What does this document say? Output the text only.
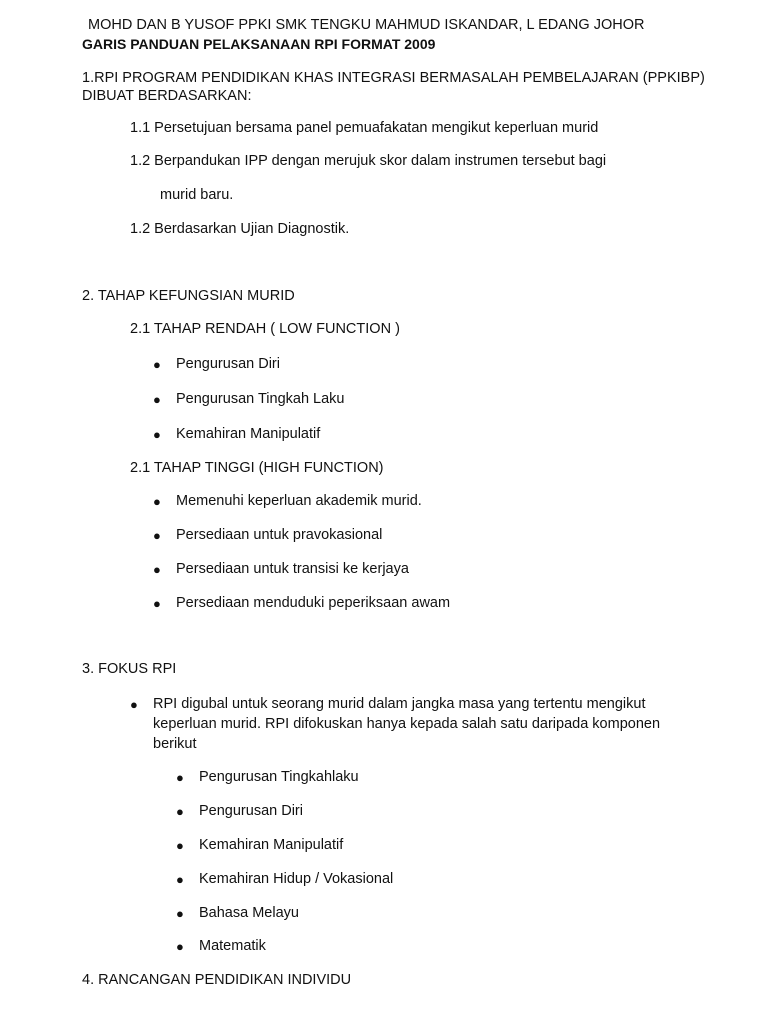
MOHD DAN B YUSOF PPKI SMK TENGKU MAHMUD ISKANDAR, L EDANG JOHOR
GARIS PANDUAN PELAKSANAAN RPI FORMAT 2009
1.RPI PROGRAM PENDIDIKAN KHAS INTEGRASI BERMASALAH PEMBELAJARAN (PPKIBP)
DIBUAT BERDASARKAN:
1.1 Persetujuan bersama panel pemuafakatan mengikut keperluan murid
1.2 Berpandukan IPP dengan merujuk skor dalam instrumen tersebut bagi
murid baru.
1.2 Berdasarkan Ujian Diagnostik.
2. TAHAP KEFUNGSIAN MURID
2.1 TAHAP RENDAH ( LOW FUNCTION )
● Pengurusan Diri
● Pengurusan Tingkah Laku
● Kemahiran Manipulatif
2.1 TAHAP TINGGI (HIGH FUNCTION)
● Memenuhi keperluan akademik murid.
● Persediaan untuk pravokasional
● Persediaan untuk transisi ke kerjaya
● Persediaan menduduki peperiksaan awam
3. FOKUS RPI
● RPI digubal untuk seorang murid dalam jangka masa yang tertentu mengikut
keperluan murid. RPI difokuskan hanya kepada salah satu daripada komponen
berikut
● Pengurusan Tingkahlaku
● Pengurusan Diri
● Kemahiran Manipulatif
● Kemahiran Hidup / Vokasional
● Bahasa Melayu
● Matematik
4. RANCANGAN PENDIDIKAN INDIVIDU
